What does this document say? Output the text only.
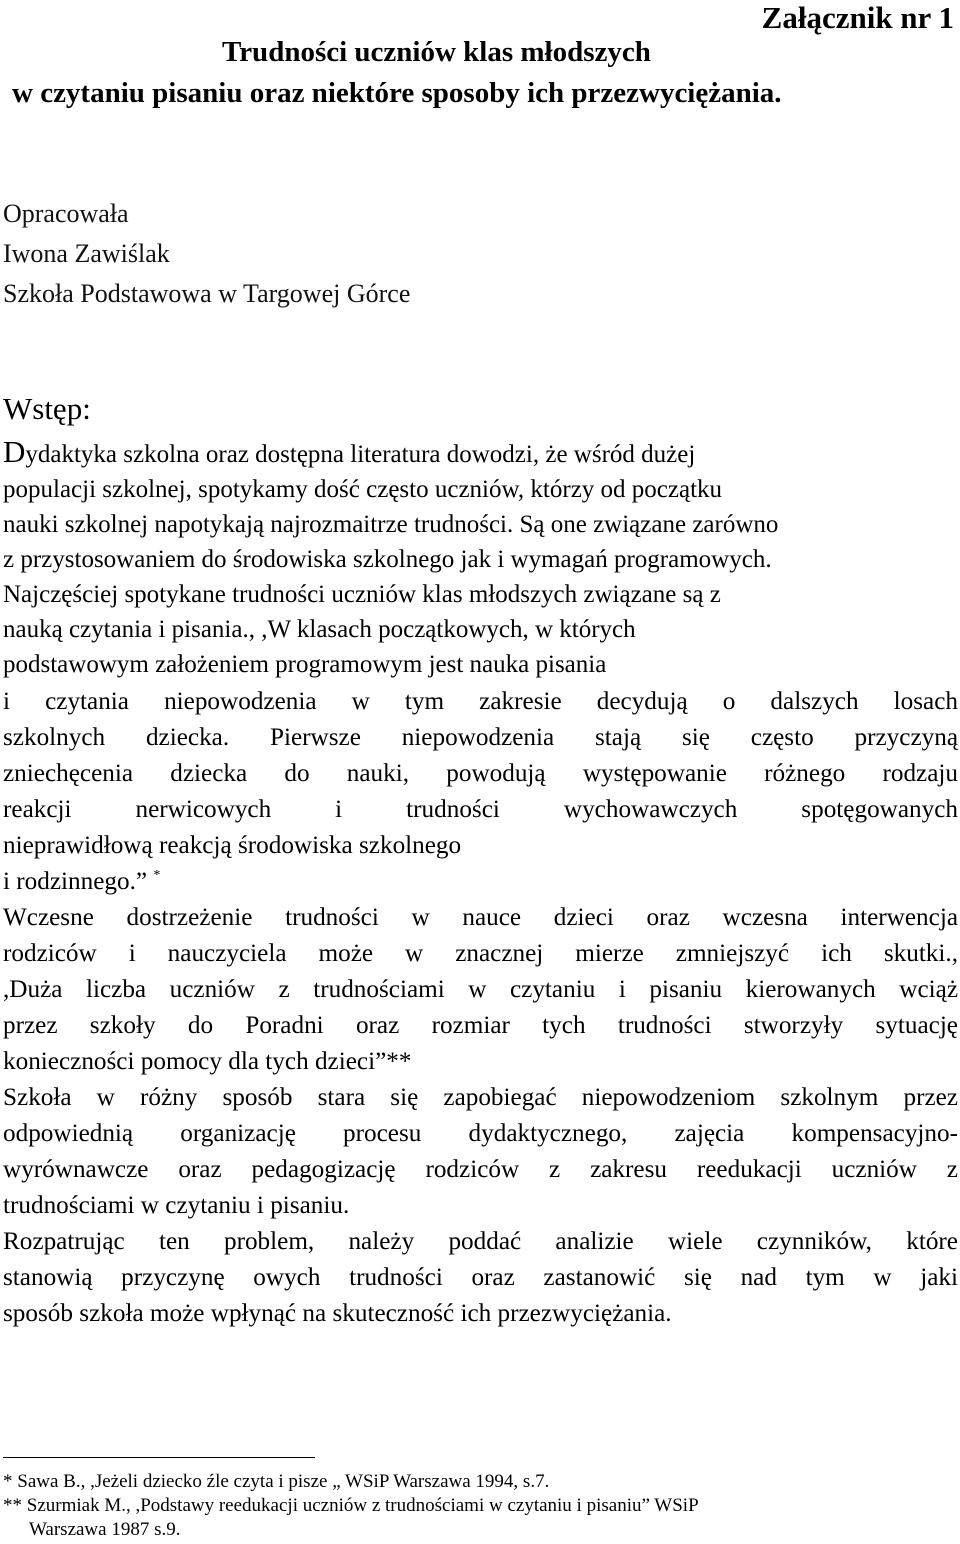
Załącznik nr 1
Trudności uczniów klas młodszych
w czytaniu pisaniu oraz niektóre sposoby ich przezwyciężania.
Opracowała
Iwona Zawiślak
Szkoła Podstawowa w Targowej Górce
Wstęp:
Dydaktyka szkolna oraz dostępna literatura dowodzi, że wśród dużej
populacji szkolnej, spotykamy dość często uczniów, którzy od początku
nauki szkolnej napotykają najrozmaitrze trudności. Są one związane zarówno
z przystosowaniem do środowiska szkolnego jak i wymagań programowych.
Najczęściej spotykane trudności uczniów klas młodszych związane są z
nauką czytania i pisania., ,W klasach początkowych, w których
podstawowym założeniem programowym jest nauka pisania
i czytania niepowodzenia w tym zakresie decydują o dalszych losach
szkolnych dziecka. Pierwsze niepowodzenia stają się często przyczyną
zniechęcenia dziecka do nauki, powodują występowanie różnego rodzaju
reakcji nerwicowych i trudności wychowawczych spotęgowanych
nieprawidłową reakcją środowiska szkolnego
i rodzinnego.” *
Wczesne dostrzeżenie trudności w nauce dzieci oraz wczesna interwencja
rodziców i nauczyciela może w znacznej mierze zmniejszyć ich skutki.,
,Duża liczba uczniów z trudnościami w czytaniu i pisaniu kierowanych wciąż
przez szkoły do Poradni oraz rozmiar tych trudności stworzyły sytuację
konieczności pomocy dla tych dzieci”**
Szkoła w różny sposób stara się zapobiegać niepowodzeniom szkolnym przez
odpowiednią organizację procesu dydaktycznego, zajęcia kompensacyjno-
wyrównawcze oraz pedagogizację rodziców z zakresu reedukacji uczniów z
trudnościami w czytaniu i pisaniu.
Rozpatrując ten problem, należy poddać analizie wiele czynników, które
stanowią przyczynę owych trudności oraz zastanowić się nad tym w jaki
sposób szkoła może wpłynąć na skuteczność ich przezwyciężania.
* Sawa B., ,Jeżeli dziecko źle czyta i pisze „ WSiP Warszawa 1994, s.7.
** Szurmiak M., ,Podstawy reedukacji uczniów z trudnościami w czytaniu i pisaniu” WSiP
Warszawa 1987 s.9.
